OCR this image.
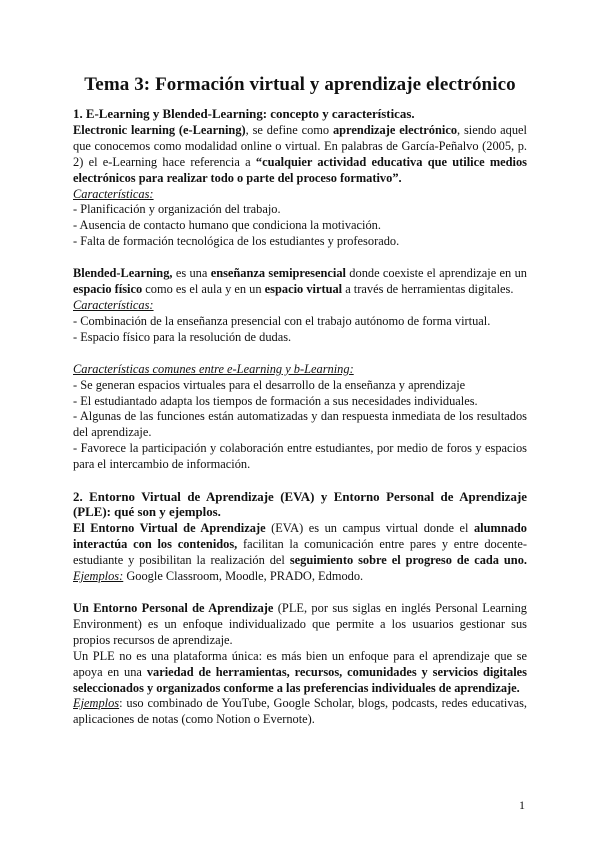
Tema 3: Formación virtual y aprendizaje electrónico

1. E-Learning y Blended-Learning: concepto y características.

Electronic learning (e-Learning), se define como aprendizaje electrónico, siendo aquel que conocemos como modalidad online o virtual. En palabras de García-Peñalvo (2005, p. 2) el e-Learning hace referencia a “cualquier actividad educativa que utilice medios electrónicos para realizar todo o parte del proceso formativo”.

Características:

- Planificación y organización del trabajo.

- Ausencia de contacto humano que condiciona la motivación.

- Falta de formación tecnológica de los estudiantes y profesorado.

Blended-Learning, es una enseñanza semipresencial donde coexiste el aprendizaje en un espacio físico como es el aula y en un espacio virtual a través de herramientas digitales.

Características:

- Combinación de la enseñanza presencial con el trabajo autónomo de forma virtual.

- Espacio físico para la resolución de dudas.

Características comunes entre e-Learning y b-Learning:

- Se generan espacios virtuales para el desarrollo de la enseñanza y aprendizaje

- El estudiantado adapta los tiempos de formación a sus necesidades individuales.

- Algunas de las funciones están automatizadas y dan respuesta inmediata de los resultados del aprendizaje.

- Favorece la participación y colaboración entre estudiantes, por medio de foros y espacios para el intercambio de información.

2. Entorno Virtual de Aprendizaje (EVA) y Entorno Personal de Aprendizaje (PLE): qué son y ejemplos.

El Entorno Virtual de Aprendizaje (EVA) es un campus virtual donde el alumnado interactúa con los contenidos, facilitan la comunicación entre pares y entre docente-estudiante y posibilitan la realización del seguimiento sobre el progreso de cada uno. Ejemplos: Google Classroom, Moodle, PRADO, Edmodo.

Un Entorno Personal de Aprendizaje (PLE, por sus siglas en inglés Personal Learning Environment) es un enfoque individualizado que permite a los usuarios gestionar sus propios recursos de aprendizaje.

Un PLE no es una plataforma única: es más bien un enfoque para el aprendizaje que se apoya en una variedad de herramientas, recursos, comunidades y servicios digitales seleccionados y organizados conforme a las preferencias individuales de aprendizaje.

Ejemplos: uso combinado de YouTube, Google Scholar, blogs, podcasts, redes educativas, aplicaciones de notas (como Notion o Evernote).

1
